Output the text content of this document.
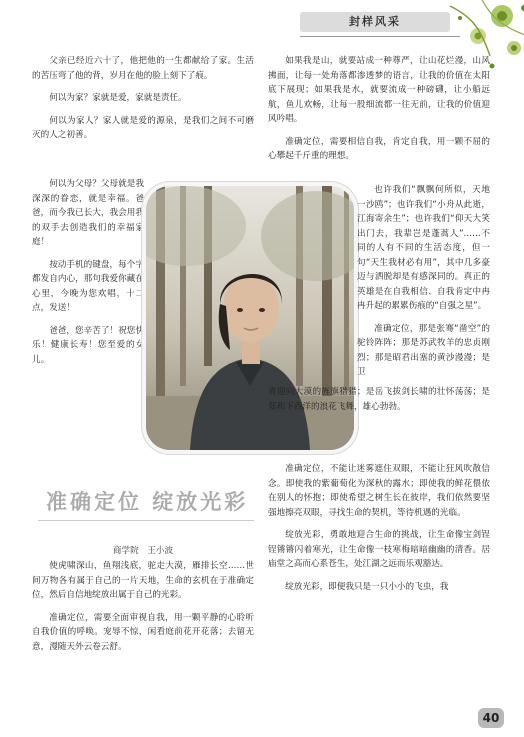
封样风采

父亲已经近六十了，他把他的一生都献给了家。生活的苦压弯了他的背，岁月在他的脸上刻下了痕。

何以为家？家就是爱，家就是责任。

何以为家人？家人就是爱的源泉，是我们之间不可磨灭的人之初善。

何以为父母？父母就是我深深的眷恋，就是幸福。爸爸，而今我已长大，我会用我的双手去创造我们的幸福家庭！

按动手机的键盘，每个字都发自内心，那句我爱你藏在心里，今晚为您欢唱，十二点，发送！

爸爸，您辛苦了！祝您快乐！健康长寿！您至爱的女儿。

如果我是山，就要站成一种尊严，让山花烂漫，山风拂面，让每一处角落都渗透梦的语言，让我的价值在太阳底下展现；如果我是水，就要流成一种磅礴，让小船远航，鱼儿欢畅，让每一股细流都一往无前，让我的价值迎风吟唱。

准确定位，需要相信自我，肯定自我，用一颗不屈的心攀起千斤重的理想。

也许我们“飘飘何所似，天地一沙鸥”；也许我们“小舟从此逝，江海寄余生”；也许我们“仰天大笑出门去，我辈岂是蓬蒿人”……不同的人有不同的生活态度，但一句“天生我材必有用”，其中几多豪迈与洒脱却是有感深同的。真正的英雄是在自我相信、自我肯定中冉冉升起的累累伤痕的“自强之星”。

准确定位，那是张骞“凿空”的驼铃阵阵；那是苏武牧羊的忠贞刚烈；那是昭君出塞的黄沙漫漫；是卫

青迎向大漠的旌旗猎猎；是岳飞拔剑长啸的壮怀荡荡；是郑和下西洋的浪花飞舞，雄心勃勃。

准确定位，不能让迷雾遮住双眼，不能让狂风吹散信念。即使我的紫葡萄化为深秋的露水；即使我的鲜花偎依在别人的怀抱；即使希望之树生长在彼岸，我们依然要坚强地擦亮双眼，寻找生命的契机，等待机遇的光临。

绽放光彩，勇敢地迎合生命的挑战，让生命像宝剑锃锃锵锵闪着寒光，让生命像一枝寒梅暗暗幽幽的清香。居庙堂之高而心系苍生，处江湖之远而乐观豁达。

绽放光彩，即便我只是一只小小的飞虫，我

准确定位 绽放光彩
商学院　王小波

使虎啸深山，鱼翔浅底，驼走大漠，雁排长空……世间万物各有属于自己的一片天地，生命的玄机在于准确定位，然后自信地绽放出属于自己的光彩。

准确定位，需要全面审视自我，用一颗平静的心聆听自我价值的呼唤。宠辱不惊，闲看庭前花开花落；去留无意，漫随天外云卷云舒。

40
